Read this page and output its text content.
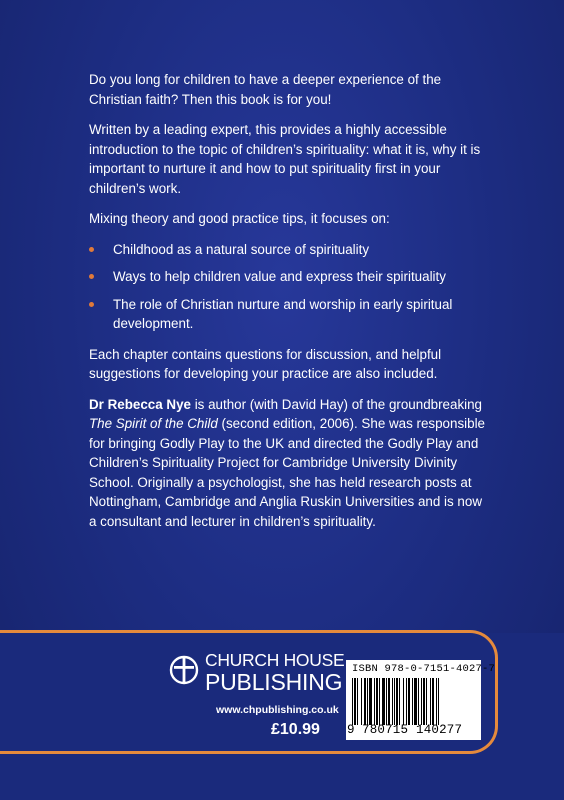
Do you long for children to have a deeper experience of the Christian faith? Then this book is for you!

Written by a leading expert, this provides a highly accessible introduction to the topic of children’s spirituality: what it is, why it is important to nurture it and how to put spirituality first in your children’s work.

Mixing theory and good practice tips, it focuses on:

Childhood as a natural source of spirituality
Ways to help children value and express their spirituality
The role of Christian nurture and worship in early spiritual development.

Each chapter contains questions for discussion, and helpful suggestions for developing your practice are also included.

Dr Rebecca Nye is author (with David Hay) of the groundbreaking The Spirit of the Child (second edition, 2006). She was responsible for bringing Godly Play to the UK and directed the Godly Play and Children’s Spirituality Project for Cambridge University Divinity School. Originally a psychologist, she has held research posts at Nottingham, Cambridge and Anglia Ruskin Universities and is now a consultant and lecturer in children’s spirituality.

CHURCH HOUSE
PUBLISHING
www.chpublishing.co.uk
£10.99
ISBN 978-0-7151-4027-7
9 780715 140277
